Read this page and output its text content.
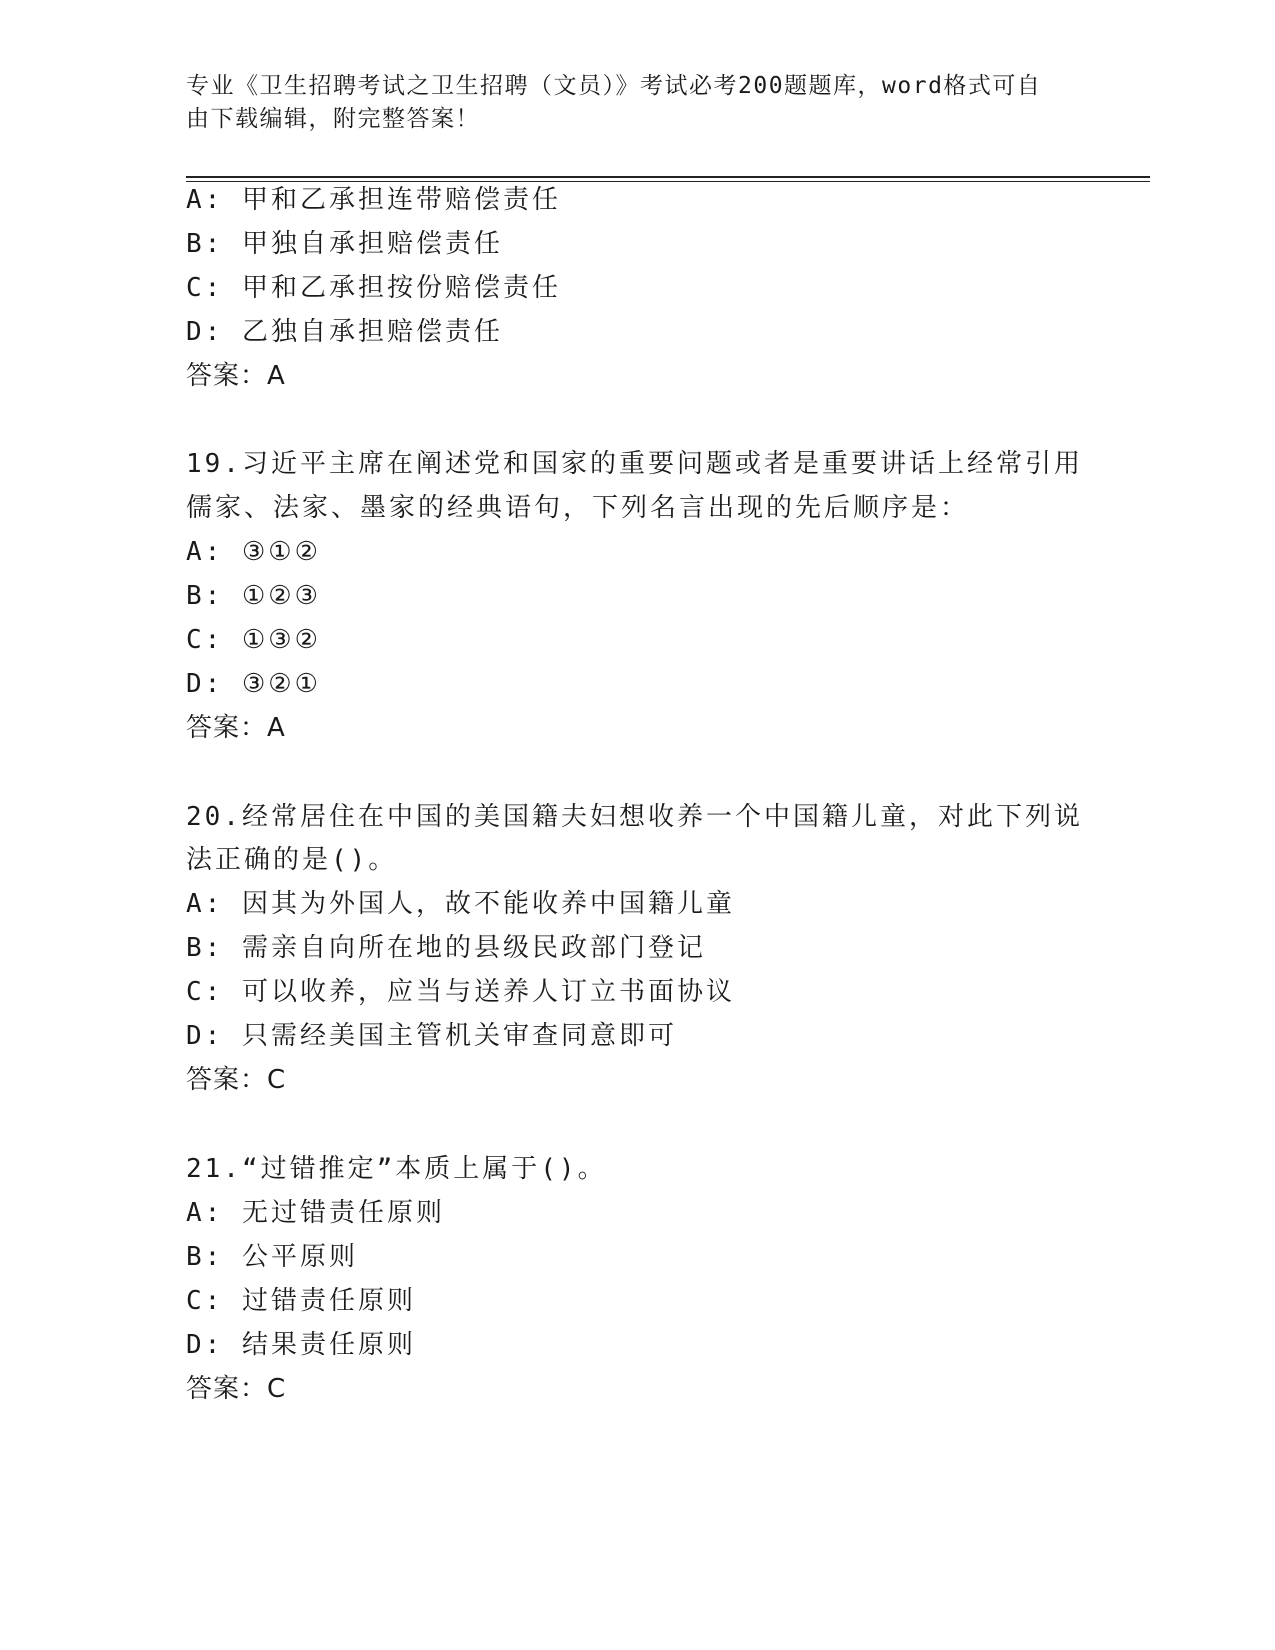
专业《卫生招聘考试之卫生招聘（文员）》考试必考200题题库，word格式可自
由下载编辑，附完整答案！
A: 甲和乙承担连带赔偿责任
B: 甲独自承担赔偿责任
C: 甲和乙承担按份赔偿责任
D: 乙独自承担赔偿责任
答案：A
19.习近平主席在阐述党和国家的重要问题或者是重要讲话上经常引用
儒家、法家、墨家的经典语句，下列名言出现的先后顺序是：
A: ③①②
B: ①②③
C: ①③②
D: ③②①
答案：A
20.经常居住在中国的美国籍夫妇想收养一个中国籍儿童，对此下列说
法正确的是()。
A: 因其为外国人，故不能收养中国籍儿童
B: 需亲自向所在地的县级民政部门登记
C: 可以收养，应当与送养人订立书面协议
D: 只需经美国主管机关审查同意即可
答案：C
21.“过错推定”本质上属于()。
A: 无过错责任原则
B: 公平原则
C: 过错责任原则
D: 结果责任原则
答案：C
